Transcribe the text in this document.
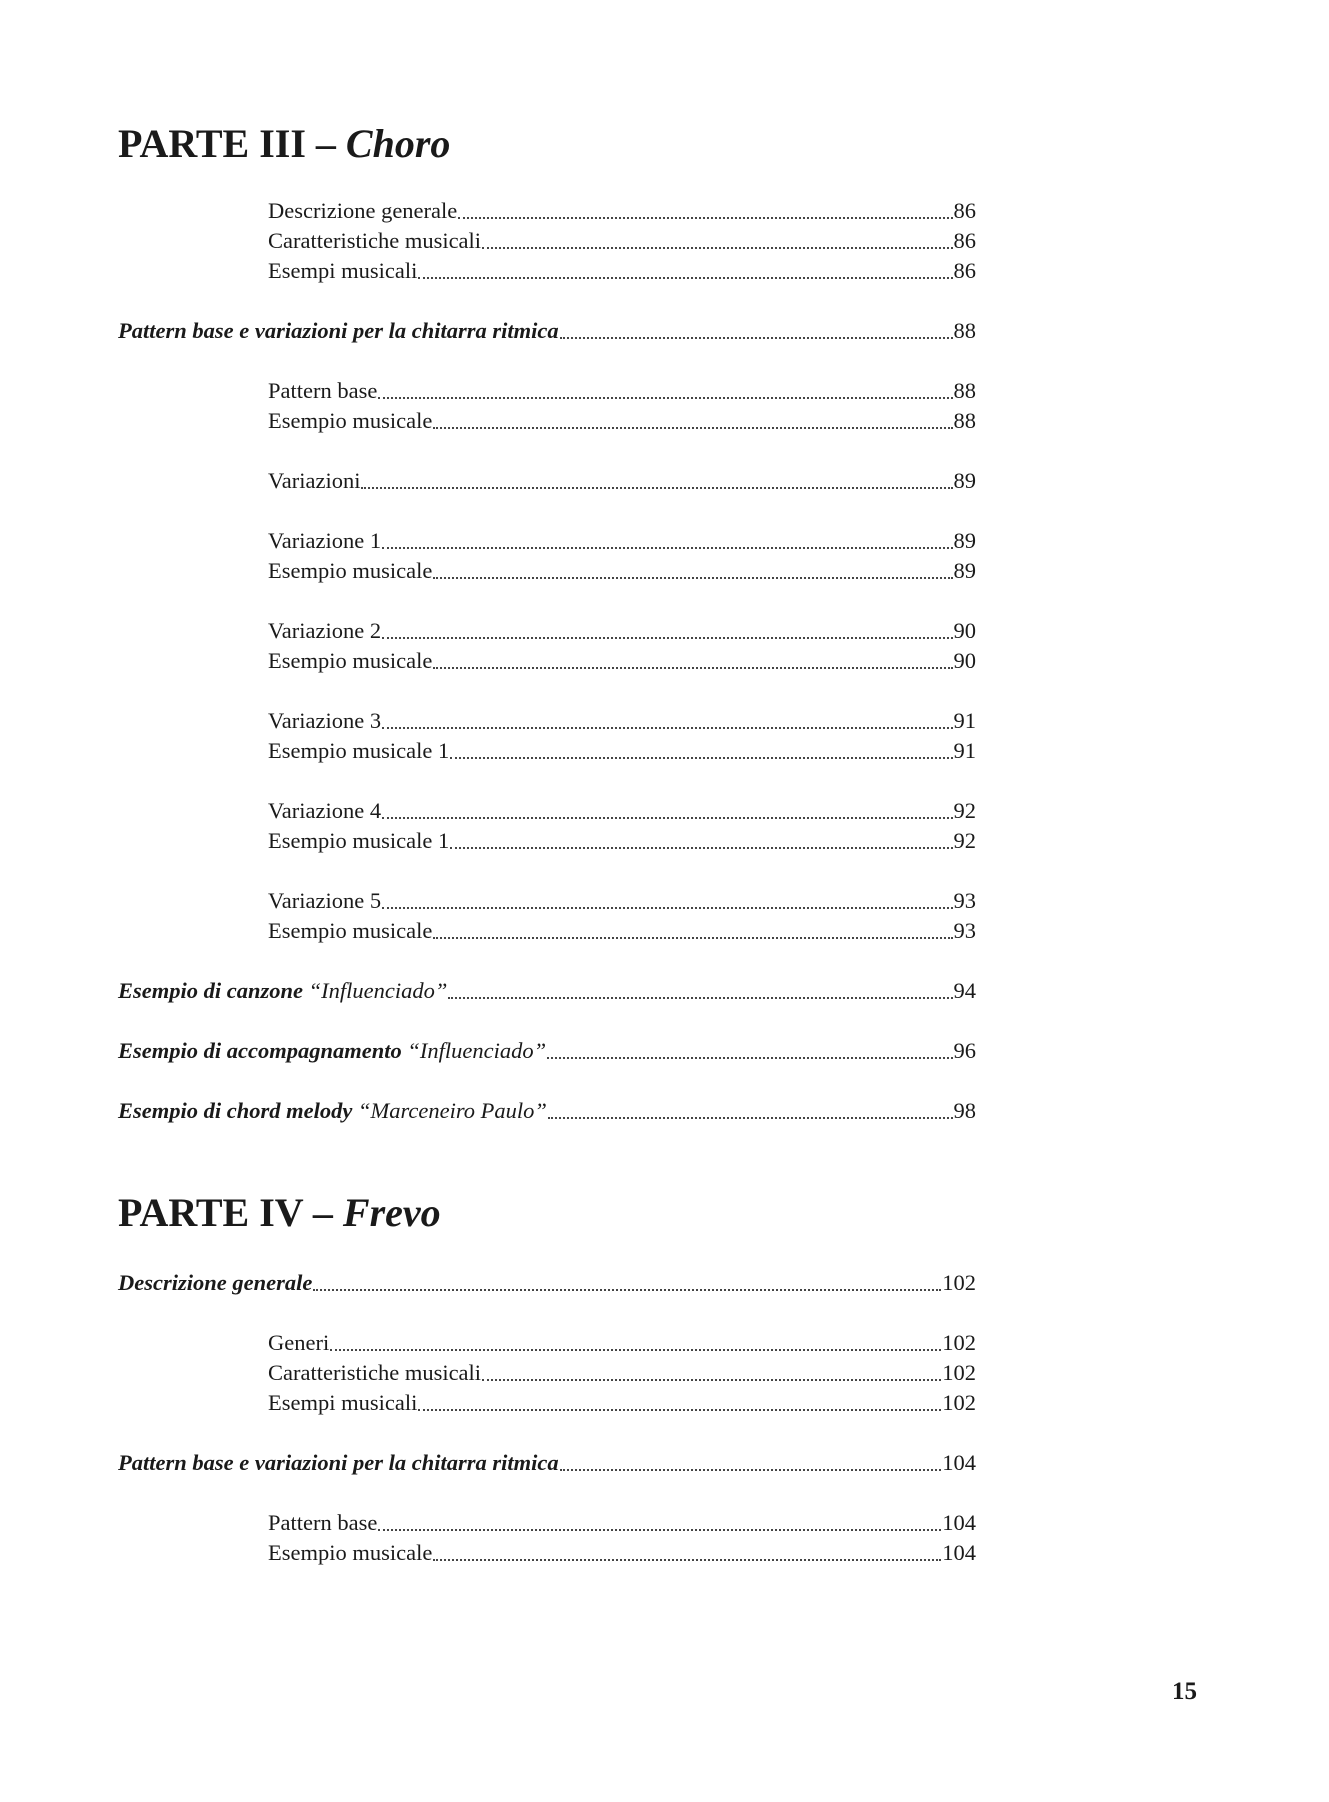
PARTE III – Choro
Descrizione generale	86
Caratteristiche musicali	86
Esempi musicali	86
Pattern base e variazioni per la chitarra ritmica	88
Pattern base	88
Esempio musicale	88
Variazioni	89
Variazione 1	89
Esempio musicale	89
Variazione 2	90
Esempio musicale	90
Variazione 3	91
Esempio musicale 1	91
Variazione 4	92
Esempio musicale 1	92
Variazione 5	93
Esempio musicale	93
Esempio di canzone “Influenciado”	94
Esempio di accompagnamento “Influenciado”	96
Esempio di chord melody “Marceneiro Paulo”	98
PARTE IV – Frevo
Descrizione generale	102
Generi	102
Caratteristiche musicali	102
Esempi musicali	102
Pattern base e variazioni per la chitarra ritmica	104
Pattern base	104
Esempio musicale	104
15
